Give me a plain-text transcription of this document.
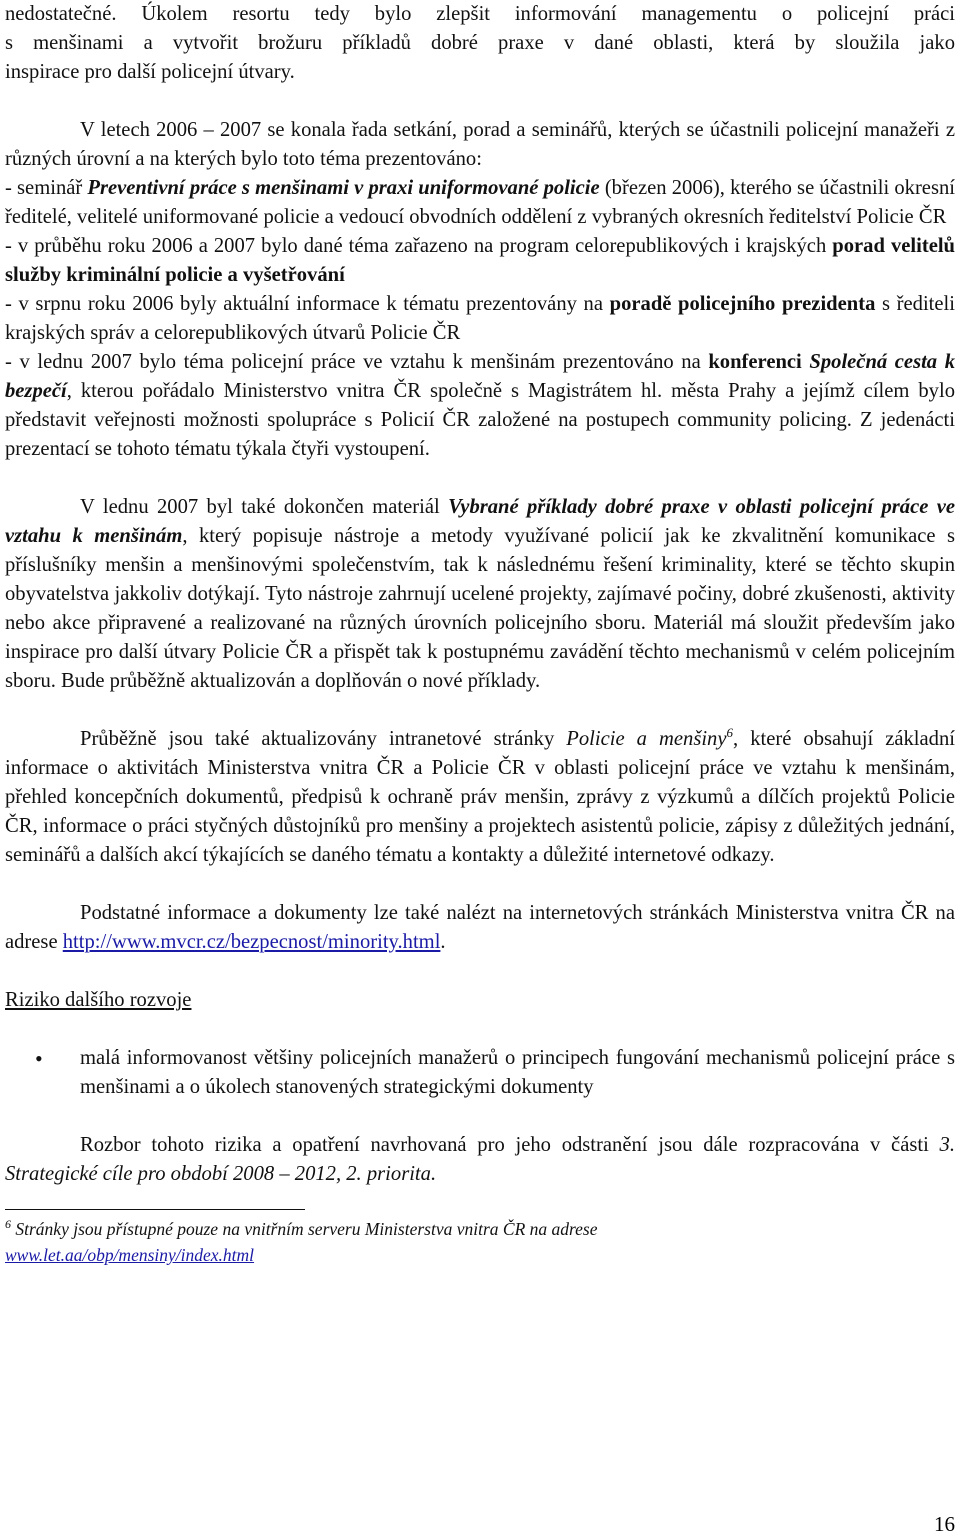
nedostatečné. Úkolem resortu tedy bylo zlepšit informování managementu o policejní práci

s menšinami a vytvořit brožuru příkladů dobré praxe v dané oblasti, která by sloužila jako

inspirace pro další policejní útvary.

V letech 2006 – 2007 se konala řada setkání, porad a seminářů, kterých se účastnili policejní manažeři z různých úrovní a na kterých bylo toto téma prezentováno:

- seminář Preventivní práce s menšinami v praxi uniformované policie (březen 2006), kterého se účastnili okresní ředitelé, velitelé uniformované policie a vedoucí obvodních oddělení z vybraných okresních ředitelství Policie ČR

- v průběhu roku 2006 a 2007 bylo dané téma zařazeno na program celorepublikových i krajských porad velitelů služby kriminální policie a vyšetřování

- v srpnu roku 2006 byly aktuální informace k tématu prezentovány na poradě policejního prezidenta s řediteli krajských správ a celorepublikových útvarů Policie ČR

- v lednu 2007 bylo téma policejní práce ve vztahu k menšinám prezentováno na konferenci Společná cesta k bezpečí, kterou pořádalo Ministerstvo vnitra ČR společně s Magistrátem hl. města Prahy a jejímž cílem bylo představit veřejnosti možnosti spolupráce s Policií ČR založené na postupech community policing. Z jedenácti prezentací se tohoto tématu týkala čtyři vystoupení.

V lednu 2007 byl také dokončen materiál Vybrané příklady dobré praxe v oblasti policejní práce ve vztahu k menšinám, který popisuje nástroje a metody využívané policií jak ke zkvalitnění komunikace s příslušníky menšin a menšinovými společenstvím, tak k následnému řešení kriminality, které se těchto skupin obyvatelstva jakkoliv dotýkají. Tyto nástroje zahrnují ucelené projekty, zajímavé počiny, dobré zkušenosti, aktivity nebo akce připravené a realizované na různých úrovních policejního sboru. Materiál má sloužit především jako inspirace pro další útvary Policie ČR a přispět tak k postupnému zavádění těchto mechanismů v celém policejním sboru. Bude průběžně aktualizován a doplňován o nové příklady.

Průběžně jsou také aktualizovány intranetové stránky Policie a menšiny$^6$, které obsahují základní informace o aktivitách Ministerstva vnitra ČR a Policie ČR v oblasti policejní práce ve vztahu k menšinám, přehled koncepčních dokumentů, předpisů k ochraně práv menšin, zprávy z výzkumů a dílčích projektů Policie ČR, informace o práci styčných důstojníků pro menšiny a projektech asistentů policie, zápisy z důležitých jednání, seminářů a dalších akcí týkajících se daného tématu a kontakty a důležité internetové odkazy.

Podstatné informace a dokumenty lze také nalézt na internetových stránkách Ministerstva vnitra ČR na adrese http://www.mvcr.cz/bezpecnost/minority.html.

Riziko dalšího rozvoje

• malá informovanost většiny policejních manažerů o principech fungování mechanismů policejní práce s menšinami a o úkolech stanovených strategickými dokumenty

Rozbor tohoto rizika a opatření navrhovaná pro jeho odstranění jsou dále rozpracována v části 3. Strategické cíle pro období 2008 – 2012, 2. priorita.

$^6$ Stránky jsou přístupné pouze na vnitřním serveru Ministerstva vnitra ČR na adrese
www.let.aa/obp/mensiny/index.html
16
